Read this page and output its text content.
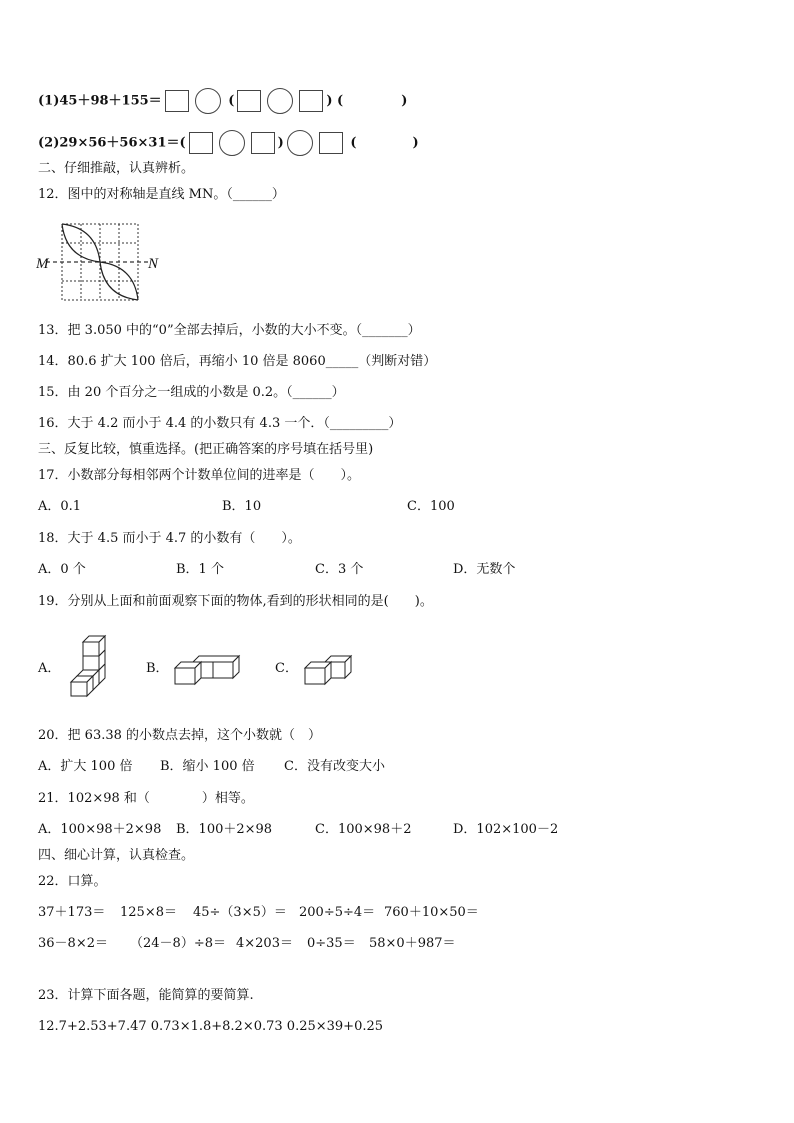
(1)45＋98＋155＝	(	) (	)
(2)29×56＋56×31＝(	)	(	)
二、仔细推敲，认真辨析。
12．图中的对称轴是直线 MN。（______）
M	N
13．把 3.050 中的“0”全部去掉后，小数的大小不变。（_______）
14．80.6 扩大 100 倍后，再缩小 10 倍是 8060_____（判断对错）
15．由 20 个百分之一组成的小数是 0.2。（______）
16．大于 4.2 而小于 4.4 的小数只有 4.3 一个．（_________）
三、反复比较，慎重选择。(把正确答案的序号填在括号里)
17．小数部分每相邻两个计数单位间的进率是（　　）。
A．0.1	B．10	C．100
18．大于 4.5 而小于 4.7 的小数有（　　）。
A．0 个	B．1 个	C．3 个	D．无数个
19．分别从上面和前面观察下面的物体,看到的形状相同的是(　　)。
A．	B．	C．
20．把 63.38 的小数点去掉，这个小数就（　）
A．扩大 100 倍 B．缩小 100 倍 C．没有改变大小
21．102×98 和（　　　　）相等。
A．100×98＋2×98 B．100＋2×98	C．100×98＋2	D．102×100－2
四、细心计算，认真检查。
22．口算。
37＋173＝ 125×8＝ 45÷（3×5）＝ 200÷5÷4＝ 760＋10×50＝
36－8×2＝ （24－8）÷8＝ 4×203＝ 0÷35＝ 58×0＋987＝
23．计算下面各题，能简算的要简算.
12.7+2.53+7.47 0.73×1.8+8.2×0.73 0.25×39+0.25
